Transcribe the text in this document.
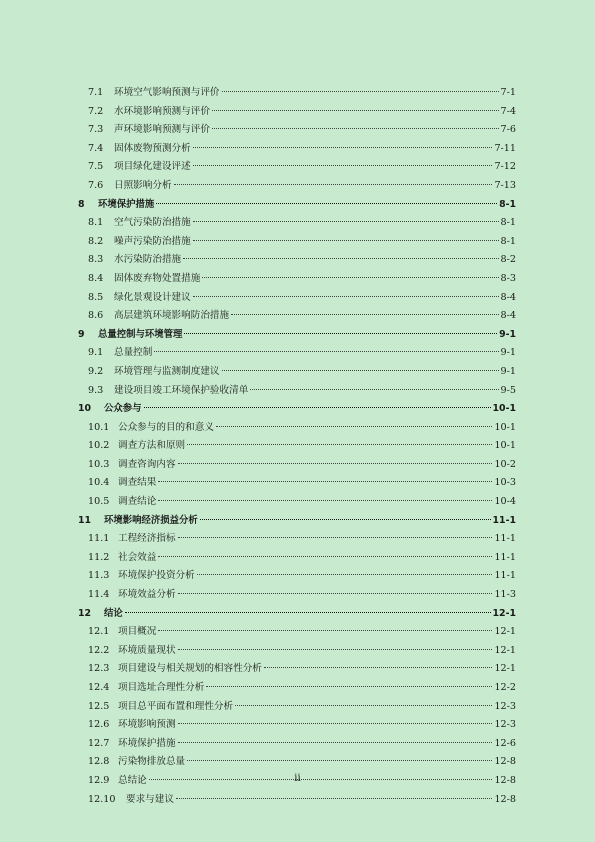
7.1	环境空气影响预测与评价	7-1
7.2	水环境影响预测与评价	7-4
7.3	声环境影响预测与评价	7-6
7.4	固体废物预测分析	7-11
7.5	项目绿化建设评述	7-12
7.6	日照影响分析	7-13
8	环境保护措施	8-1
8.1	空气污染防治措施	8-1
8.2	噪声污染防治措施	8-1
8.3	水污染防治措施	8-2
8.4	固体废弃物处置措施	8-3
8.5	绿化景观设计建议	8-4
8.6	高层建筑环境影响防治措施	8-4
9	总量控制与环境管理	9-1
9.1	总量控制	9-1
9.2	环境管理与监测制度建议	9-1
9.3	建设项目竣工环境保护验收清单	9-5
10	公众参与	10-1
10.1 公众参与的目的和意义	10-1
10.2 调查方法和原则	10-1
10.3 调查咨询内容	10-2
10.4 调查结果	10-3
10.5 调查结论	10-4
11	环境影响经济损益分析	11-1
11.1 工程经济指标	11-1
11.2 社会效益	11-1
11.3 环境保护投资分析	11-1
11.4 环境效益分析	11-3
12	结论	12-1
12.1 项目概况	12-1
12.2 环境质量现状	12-1
12.3 项目建设与相关规划的相容性分析	12-1
12.4 项目选址合理性分析	12-2
12.5 项目总平面布置和理性分析	12-3
12.6 环境影响预测	12-3
12.7 环境保护措施	12-6
12.8 污染物排放总量	12-8
12.9 总结论	12-8
12.10	要求与建议	12-8
ii
